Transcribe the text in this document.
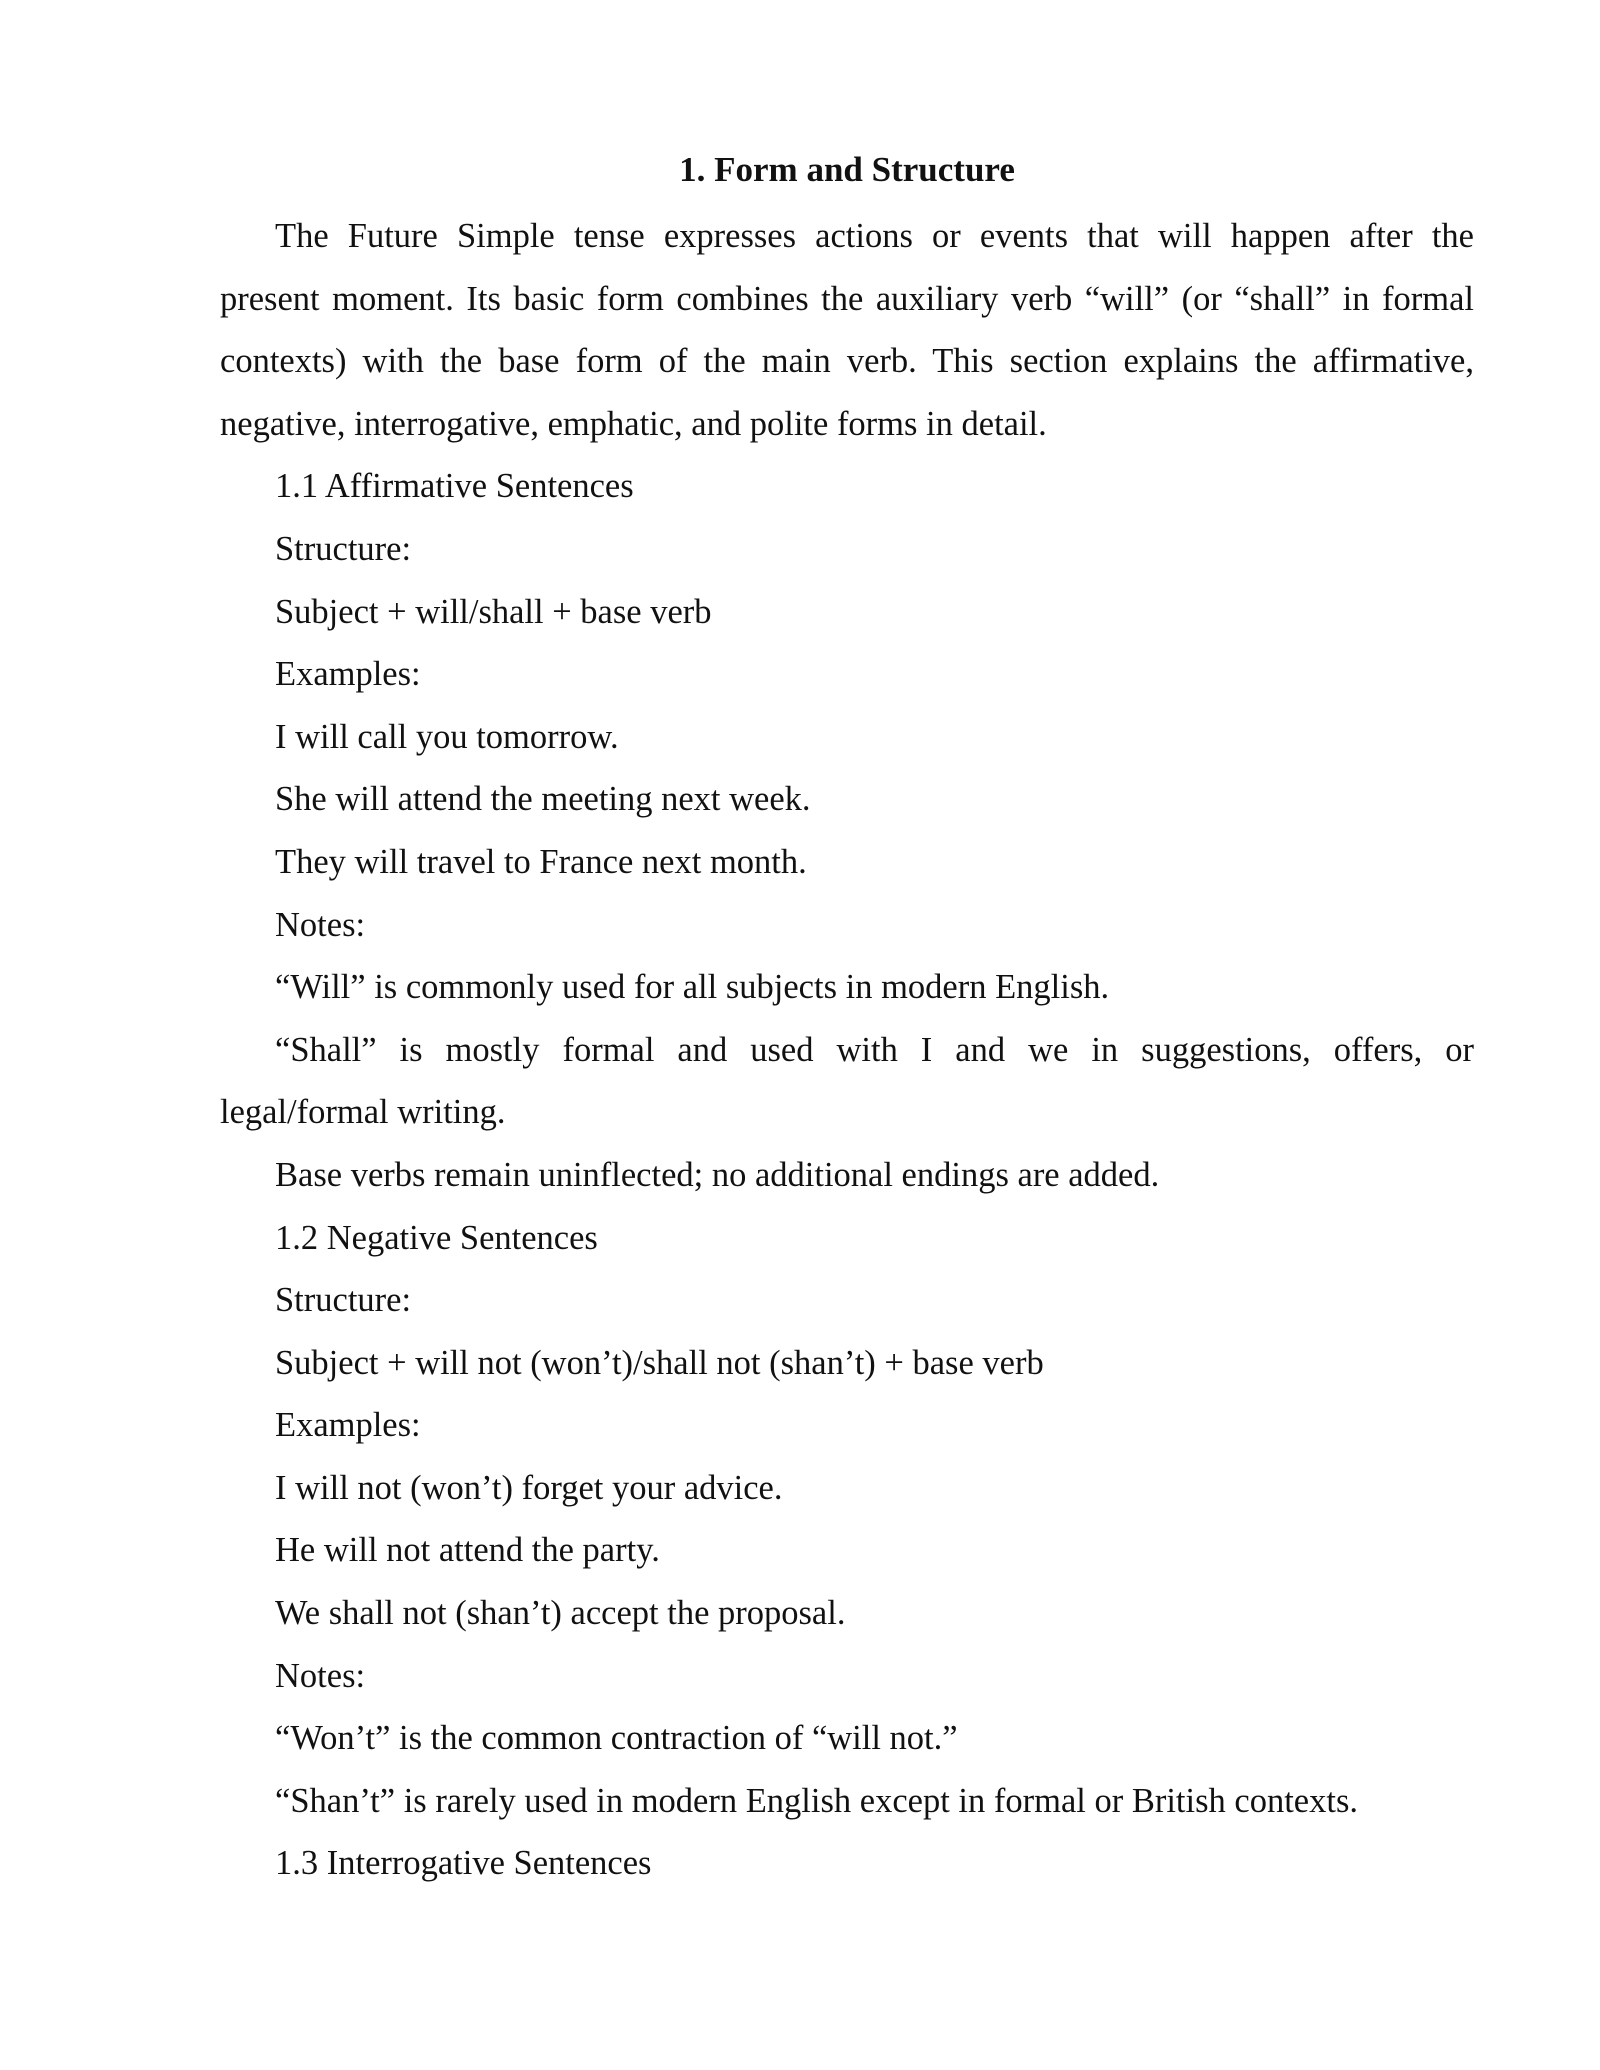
1. Form and Structure

The Future Simple tense expresses actions or events that will happen after the

present moment. Its basic form combines the auxiliary verb “will” (or “shall” in formal

contexts) with the base form of the main verb. This section explains the affirmative,

negative, interrogative, emphatic, and polite forms in detail.

1.1 Affirmative Sentences

Structure:

Subject + will/shall + base verb

Examples:

I will call you tomorrow.

She will attend the meeting next week.

They will travel to France next month.

Notes:

“Will” is commonly used for all subjects in modern English.

“Shall” is mostly formal and used with I and we in suggestions, offers, or

legal/formal writing.

Base verbs remain uninflected; no additional endings are added.

1.2 Negative Sentences

Structure:

Subject + will not (won’t)/shall not (shan’t) + base verb

Examples:

I will not (won’t) forget your advice.

He will not attend the party.

We shall not (shan’t) accept the proposal.

Notes:

“Won’t” is the common contraction of “will not.”

“Shan’t” is rarely used in modern English except in formal or British contexts.

1.3 Interrogative Sentences
